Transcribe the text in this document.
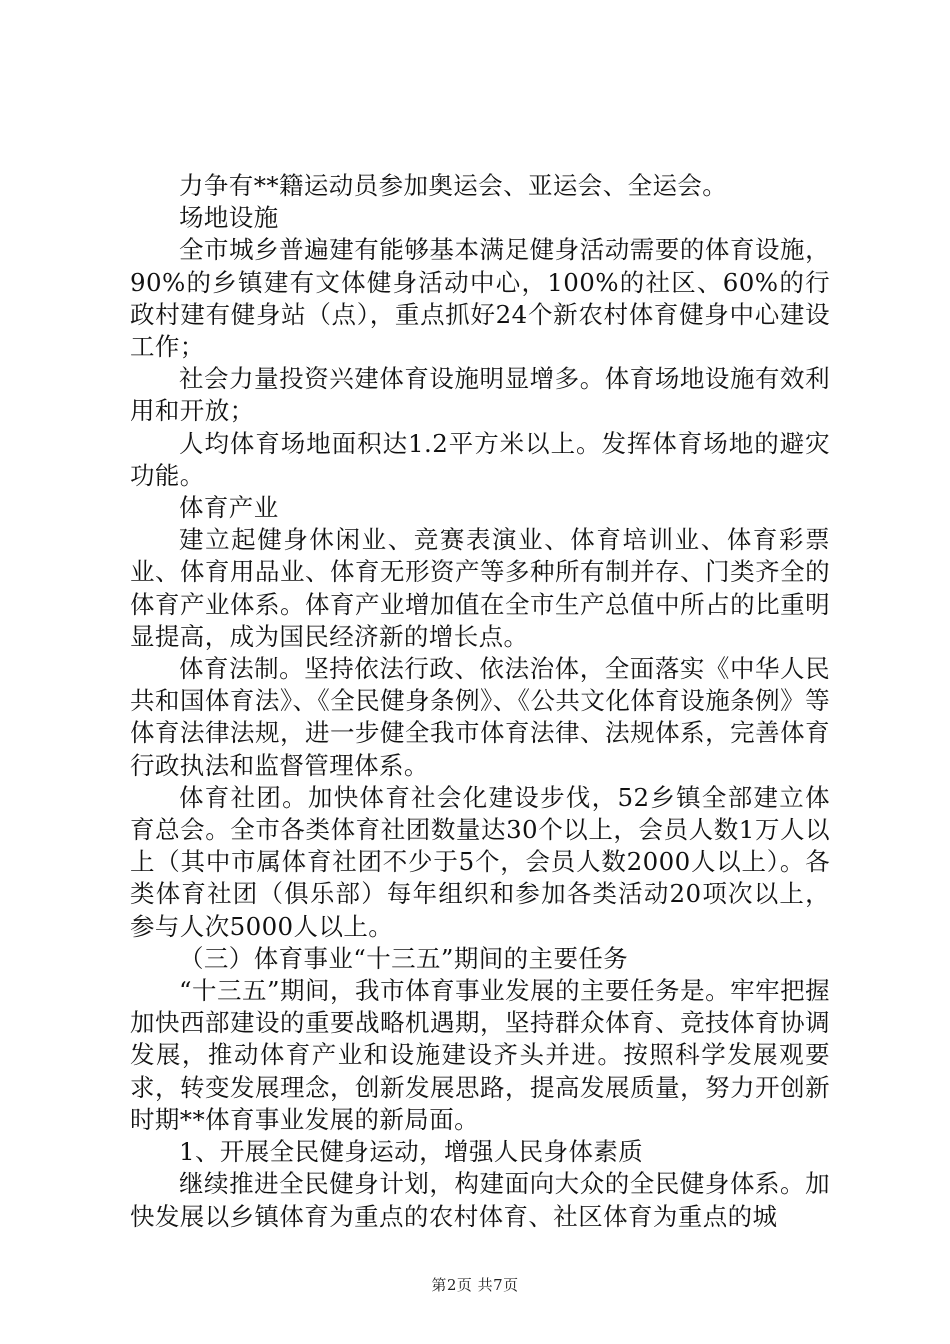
力争有**籍运动员参加奥运会、亚运会、全运会。

场地设施

全市城乡普遍建有能够基本满足健身活动需要的体育设施，90%的乡镇建有文体健身活动中心，100%的社区、60%的行政村建有健身站（点），重点抓好24个新农村体育健身中心建设工作；

社会力量投资兴建体育设施明显增多。体育场地设施有效利用和开放；

人均体育场地面积达1.2平方米以上。发挥体育场地的避灾功能。

体育产业

建立起健身休闲业、竞赛表演业、体育培训业、体育彩票业、体育用品业、体育无形资产等多种所有制并存、门类齐全的体育产业体系。体育产业增加值在全市生产总值中所占的比重明显提高，成为国民经济新的增长点。

体育法制。坚持依法行政、依法治体，全面落实《中华人民共和国体育法》、《全民健身条例》、《公共文化体育设施条例》等体育法律法规，进一步健全我市体育法律、法规体系，完善体育行政执法和监督管理体系。

体育社团。加快体育社会化建设步伐，52乡镇全部建立体育总会。全市各类体育社团数量达30个以上，会员人数1万人以上（其中市属体育社团不少于5个，会员人数2000人以上）。各类体育社团（俱乐部）每年组织和参加各类活动20项次以上，参与人次5000人以上。

（三）体育事业“十三五”期间的主要任务

“十三五”期间，我市体育事业发展的主要任务是。牢牢把握加快西部建设的重要战略机遇期，坚持群众体育、竞技体育协调发展，推动体育产业和设施建设齐头并进。按照科学发展观要求，转变发展理念，创新发展思路，提高发展质量，努力开创新时期**体育事业发展的新局面。

1、开展全民健身运动，增强人民身体素质

继续推进全民健身计划，构建面向大众的全民健身体系。加快发展以乡镇体育为重点的农村体育、社区体育为重点的城

第2页 共7页
